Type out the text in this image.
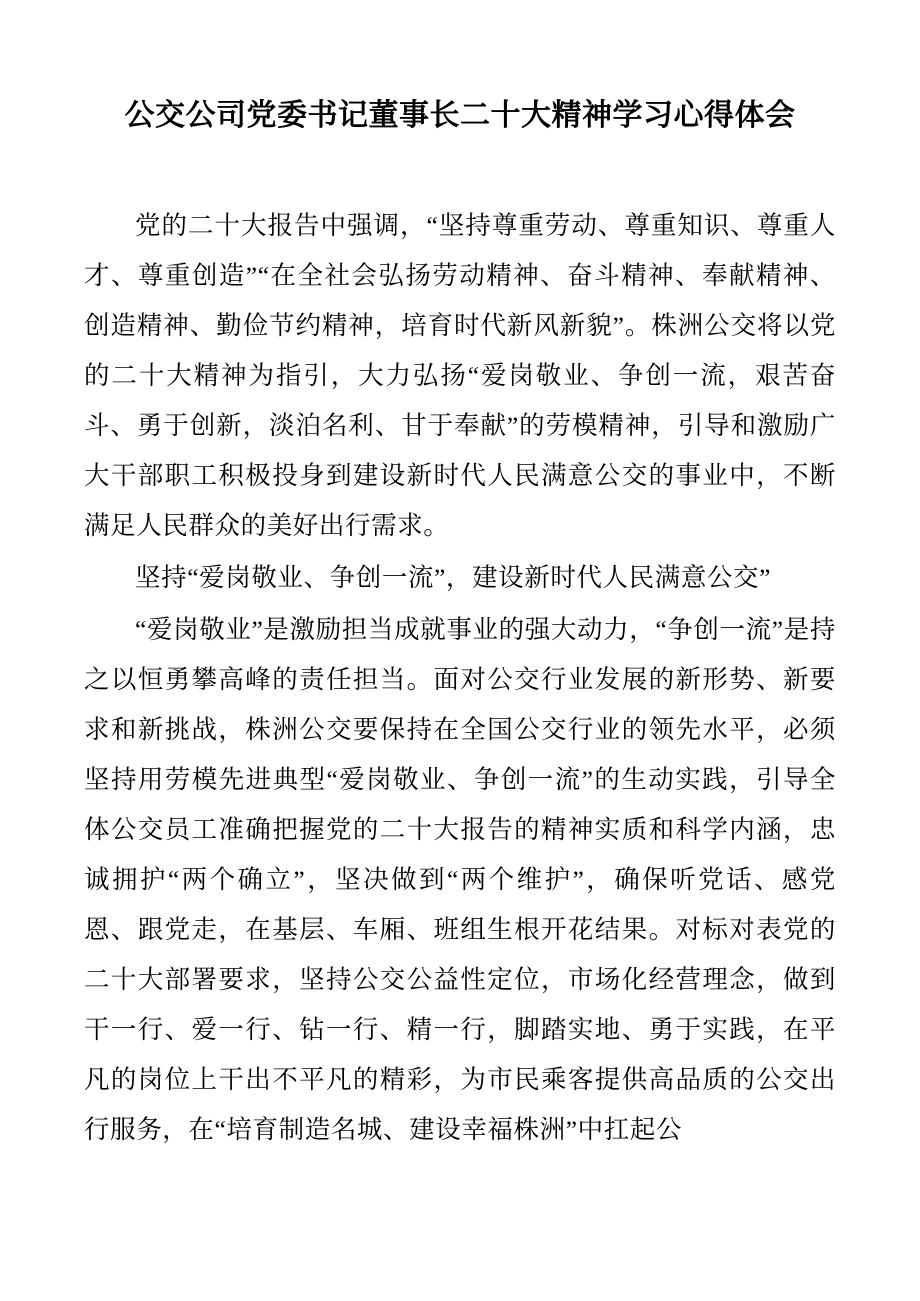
公交公司党委书记董事长二十大精神学习心得体会

党的二十大报告中强调，“坚持尊重劳动、尊重知识、尊重人才、尊重创造”“在全社会弘扬劳动精神、奋斗精神、奉献精神、创造精神、勤俭节约精神，培育时代新风新貌”。株洲公交将以党的二十大精神为指引，大力弘扬“爱岗敬业、争创一流，艰苦奋斗、勇于创新，淡泊名利、甘于奉献”的劳模精神，引导和激励广大干部职工积极投身到建设新时代人民满意公交的事业中，不断满足人民群众的美好出行需求。

坚持“爱岗敬业、争创一流”，建设新时代人民满意公交”

“爱岗敬业”是激励担当成就事业的强大动力，“争创一流”是持之以恒勇攀高峰的责任担当。面对公交行业发展的新形势、新要求和新挑战，株洲公交要保持在全国公交行业的领先水平，必须坚持用劳模先进典型“爱岗敬业、争创一流”的生动实践，引导全体公交员工准确把握党的二十大报告的精神实质和科学内涵，忠诚拥护“两个确立”，坚决做到“两个维护”，确保听党话、感党恩、跟党走，在基层、车厢、班组生根开花结果。对标对表党的二十大部署要求，坚持公交公益性定位，市场化经营理念，做到干一行、爱一行、钻一行、精一行，脚踏实地、勇于实践，在平凡的岗位上干出不平凡的精彩，为市民乘客提供高品质的公交出行服务，在“培育制造名城、建设幸福株洲”中扛起公
